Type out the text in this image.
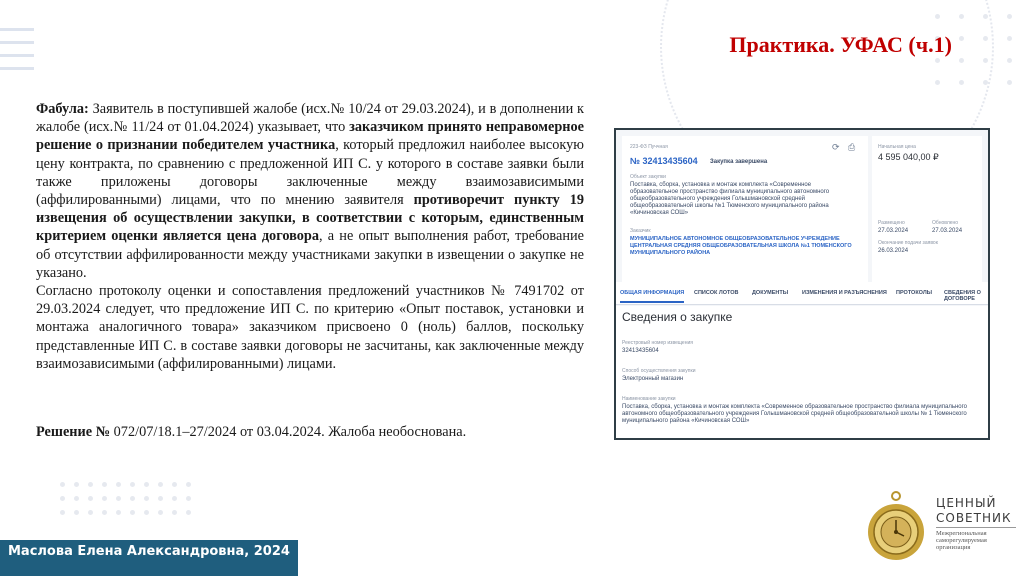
Практика. УФАС (ч.1)

Фабула: Заявитель в поступившей жалобе (исх.№ 10/24 от 29.03.2024), и в дополнении к жалобе (исх.№ 11/24 от 01.04.2024) указывает, что заказчиком принято неправомерное решение о признании победителем участника, который предложил наиболее высокую цену контракта, по сравнению с предложенной ИП С. у которого в составе заявки были также приложены договоры заключенные между взаимозависимыми (аффилированными) лицами, что по мнению заявителя противоречит пункту 19 извещения об осуществлении закупки, в соответствии с которым, единственным критерием оценки является цена договора, а не опыт выполнения работ, требование об отсутствии аффилированности между участниками закупки в извещении о закупке не указано.

Согласно протоколу оценки и сопоставления предложений участников № 7491702 от 29.03.2024 следует, что предложение ИП С. по критерию «Опыт поставок, установки и монтажа аналогичного товара» заказчиком присвоено 0 (ноль) баллов, поскольку представленные ИП С. в составе заявки договоры не засчитаны, как заключенные между взаимозависимыми (аффилированными) лицами.

Решение № 072/07/18.1–27/2024 от 03.04.2024. Жалоба необоснована.
223-ФЗ Пуччная
№ 32413435604 Закупка завершена
⟳ ⎙
Объект закупки
Поставка, сборка, установка и монтаж комплекта «Современное образовательное пространство филиала муниципального автономного общеобразовательного учреждения Голышмановской средней общеобразовательной школы №1 Тюменского муниципального района «Кичиновская СОШ»
Заказчик
МУНИЦИПАЛЬНОЕ АВТОНОМНОЕ ОБЩЕОБРАЗОВАТЕЛЬНОЕ УЧРЕЖДЕНИЕ ЦЕНТРАЛЬНАЯ СРЕДНЯЯ ОБЩЕОБРАЗОВАТЕЛЬНАЯ ШКОЛА №1 ТЮМЕНСКОГО МУНИЦИПАЛЬНОГО РАЙОНА
Начальная цена
4 595 040,00 ₽
Размещено
27.03.2024
Обновлено
27.03.2024
Окончание подачи заявок
26.03.2024
ОБЩАЯ ИНФОРМАЦИЯ СПИСОК ЛОТОВ ДОКУМЕНТЫ	ИЗМЕНЕНИЯ И РАЗЪЯСНЕНИЯ ПРОТОКОЛЫ СВЕДЕНИЯ О ДОГОВОРЕ
Сведения о закупке
Реестровый номер извещения
32413435604
Способ осуществления закупки
Электронный магазин
Наименование закупки
Поставка, сборка, установка и монтаж комплекта «Современное образовательное пространство филиала муниципального автономного общеобразовательного учреждения Голышмановской средней общеобразовательной школы № 1 Тюменского муниципального района «Кичиновская СОШ»
Маслова Елена Александровна, 2024
ЦЕННЫЙ
СОВЕТНИК
Межрегиональная саморегулируемая организация
